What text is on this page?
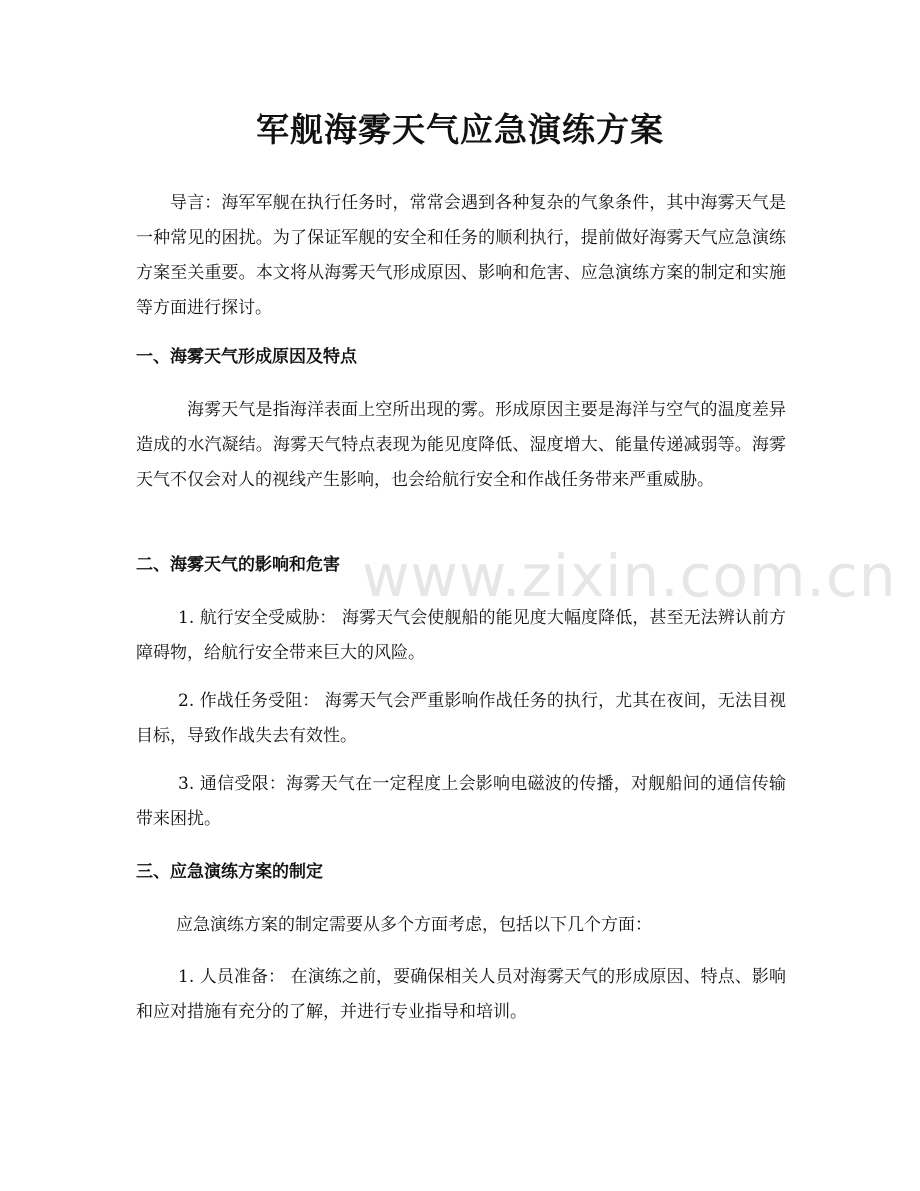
军舰海雾天气应急演练方案

导言：海军军舰在执行任务时，常常会遇到各种复杂的气象条件，其中海雾天气是一种常见的困扰。为了保证军舰的安全和任务的顺利执行，提前做好海雾天气应急演练方案至关重要。本文将从海雾天气形成原因、影响和危害、应急演练方案的制定和实施等方面进行探讨。

一、海雾天气形成原因及特点

海雾天气是指海洋表面上空所出现的雾。形成原因主要是海洋与空气的温度差异造成的水汽凝结。海雾天气特点表现为能见度降低、湿度增大、能量传递减弱等。海雾天气不仅会对人的视线产生影响，也会给航行安全和作战任务带来严重威胁。

二、海雾天气的影响和危害

1. 航行安全受威胁： 海雾天气会使舰船的能见度大幅度降低，甚至无法辨认前方障碍物，给航行安全带来巨大的风险。

2. 作战任务受阻： 海雾天气会严重影响作战任务的执行，尤其在夜间，无法目视目标，导致作战失去有效性。

3. 通信受限：海雾天气在一定程度上会影响电磁波的传播，对舰船间的通信传输带来困扰。

三、应急演练方案的制定

应急演练方案的制定需要从多个方面考虑，包括以下几个方面：

1. 人员准备： 在演练之前，要确保相关人员对海雾天气的形成原因、特点、影响和应对措施有充分的了解，并进行专业指导和培训。

www.zixin.com.cn
